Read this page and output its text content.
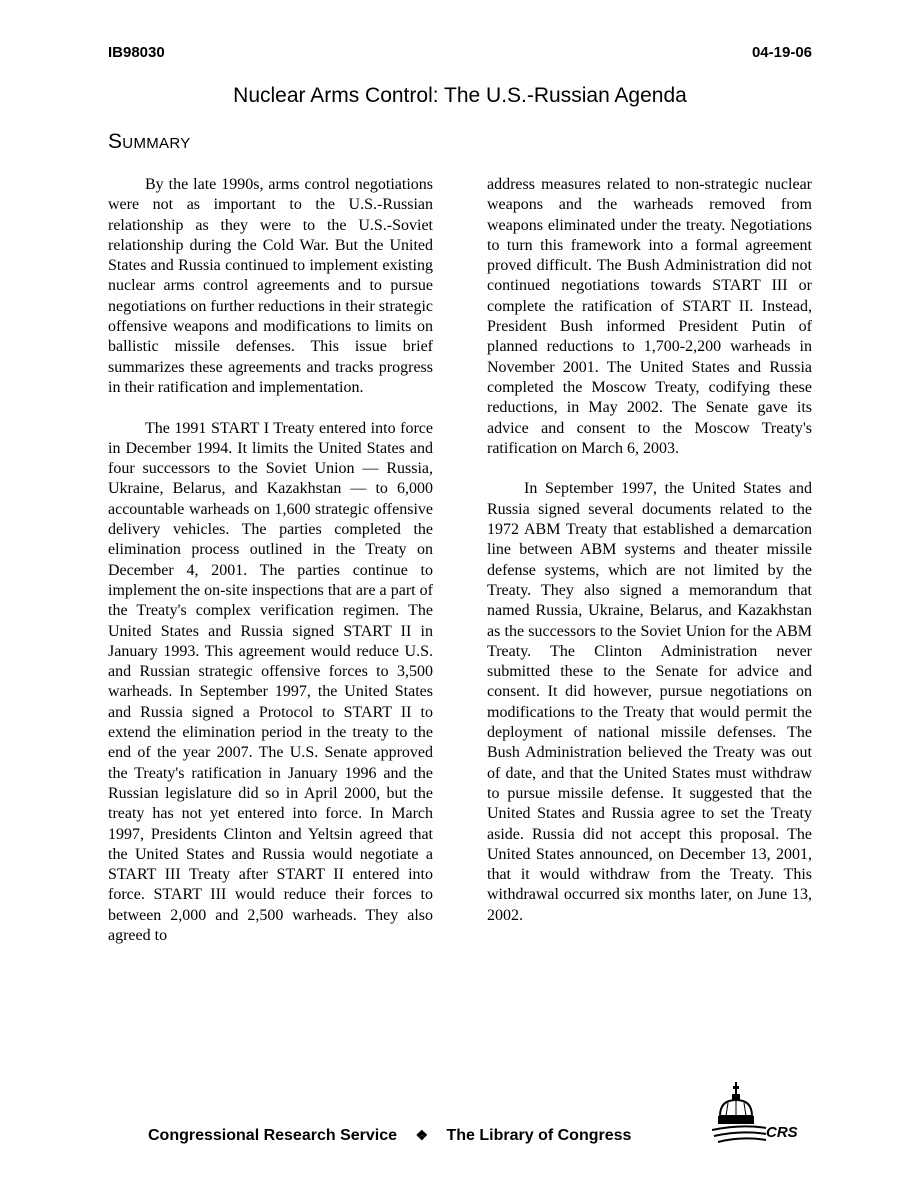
IB98030	04-19-06
Nuclear Arms Control: The U.S.-Russian Agenda
Summary

By the late 1990s, arms control negotiations were not as important to the U.S.-Russian relationship as they were to the U.S.-Soviet relationship during the Cold War. But the United States and Russia continued to implement existing nuclear arms control agreements and to pursue negotiations on further reductions in their strategic offensive weapons and modifications to limits on ballistic missile defenses. This issue brief summarizes these agreements and tracks progress in their ratification and implementation.

The 1991 START I Treaty entered into force in December 1994. It limits the United States and four successors to the Soviet Union — Russia, Ukraine, Belarus, and Kazakhstan — to 6,000 accountable warheads on 1,600 strategic offensive delivery vehicles. The parties completed the elimination process outlined in the Treaty on December 4, 2001. The parties continue to implement the on-site inspections that are a part of the Treaty's complex verification regimen. The United States and Russia signed START II in January 1993. This agreement would reduce U.S. and Russian strategic offensive forces to 3,500 warheads. In September 1997, the United States and Russia signed a Protocol to START II to extend the elimination period in the treaty to the end of the year 2007. The U.S. Senate approved the Treaty's ratification in January 1996 and the Russian legislature did so in April 2000, but the treaty has not yet entered into force. In March 1997, Presidents Clinton and Yeltsin agreed that the United States and Russia would negotiate a START III Treaty after START II entered into force. START III would reduce their forces to between 2,000 and 2,500 warheads. They also agreed to

address measures related to non-strategic nuclear weapons and the warheads removed from weapons eliminated under the treaty. Negotiations to turn this framework into a formal agreement proved difficult. The Bush Administration did not continued negotiations towards START III or complete the ratification of START II. Instead, President Bush informed President Putin of planned reductions to 1,700-2,200 warheads in November 2001. The United States and Russia completed the Moscow Treaty, codifying these reductions, in May 2002. The Senate gave its advice and consent to the Moscow Treaty's ratification on March 6, 2003.

In September 1997, the United States and Russia signed several documents related to the 1972 ABM Treaty that established a demarcation line between ABM systems and theater missile defense systems, which are not limited by the Treaty. They also signed a memorandum that named Russia, Ukraine, Belarus, and Kazakhstan as the successors to the Soviet Union for the ABM Treaty. The Clinton Administration never submitted these to the Senate for advice and consent. It did however, pursue negotiations on modifications to the Treaty that would permit the deployment of national missile defenses. The Bush Administration believed the Treaty was out of date, and that the United States must withdraw to pursue missile defense. It suggested that the United States and Russia agree to set the Treaty aside. Russia did not accept this proposal. The United States announced, on December 13, 2001, that it would withdraw from the Treaty. This withdrawal occurred six months later, on June 13, 2002.

Congressional Research Service ❖ The Library of Congress	CRS
